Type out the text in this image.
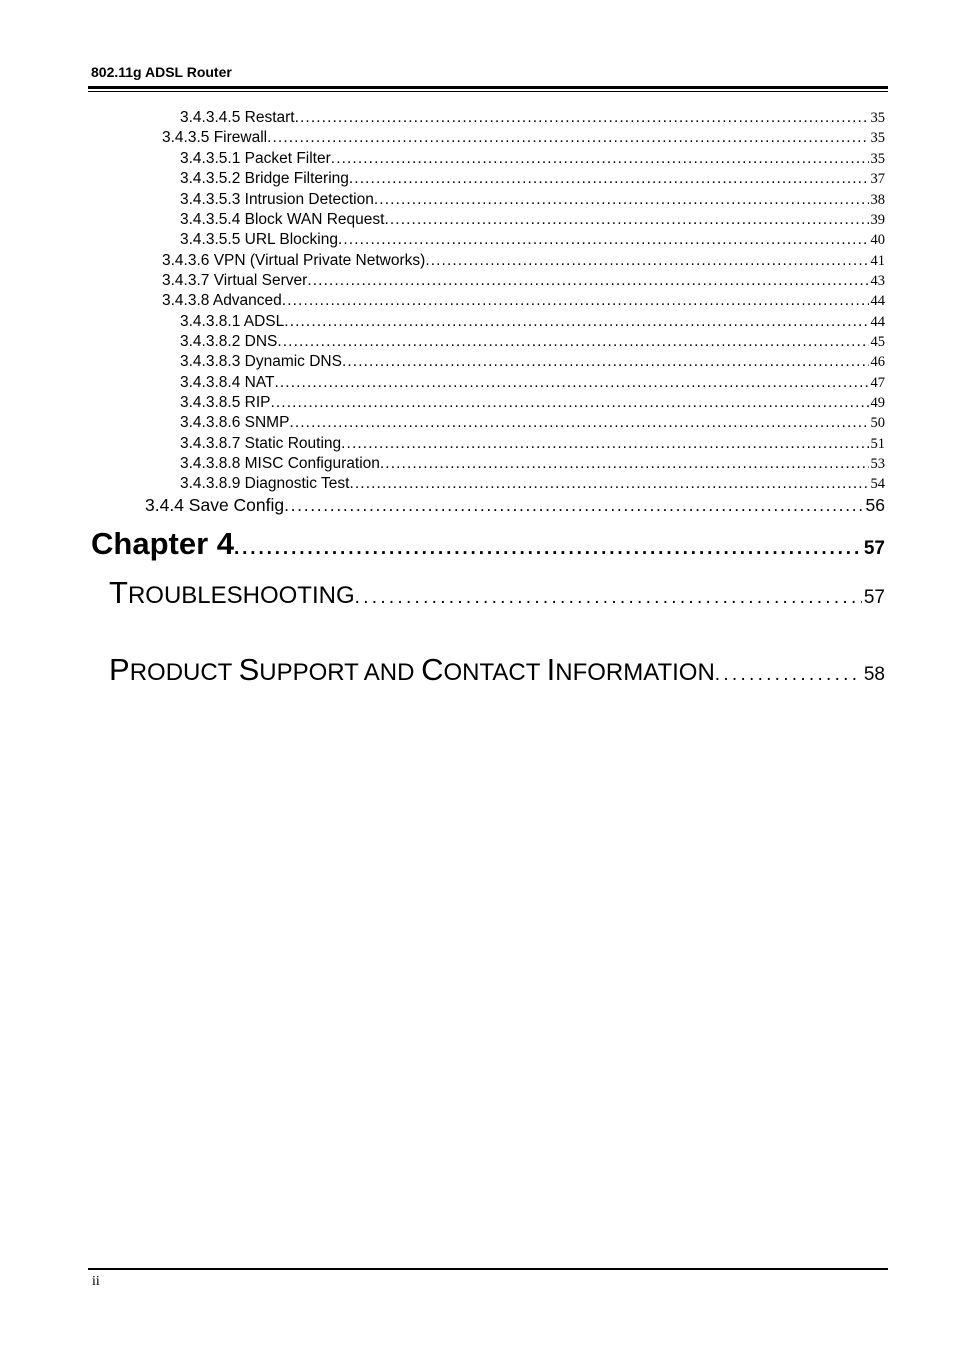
802.11g ADSL Router
3.4.3.4.5 Restart . . .	35
3.4.3.5 Firewall . . .	35
3.4.3.5.1 Packet Filter . . .	35
3.4.3.5.2 Bridge Filtering . . .	37
3.4.3.5.3 Intrusion Detection . . .	38
3.4.3.5.4 Block WAN Request . . .	39
3.4.3.5.5 URL Blocking . . .	40
3.4.3.6 VPN (Virtual Private Networks) . . .	41
3.4.3.7 Virtual Server . . .	43
3.4.3.8 Advanced . . .	44
3.4.3.8.1 ADSL . . .	44
3.4.3.8.2 DNS . . .	45
3.4.3.8.3 Dynamic DNS . . .	46
3.4.3.8.4 NAT . . .	47
3.4.3.8.5 RIP . . .	49
3.4.3.8.6 SNMP . . .	50
3.4.3.8.7 Static Routing . . .	51
3.4.3.8.8 MISC Configuration . . .	53
3.4.3.8.9 Diagnostic Test . . .	54
3.4.4 Save Config . . .	56
Chapter 4 . . .	57
TROUBLESHOOTING . . .	57
PRODUCT SUPPORT AND CONTACT INFORMATION . . .	58
ii
